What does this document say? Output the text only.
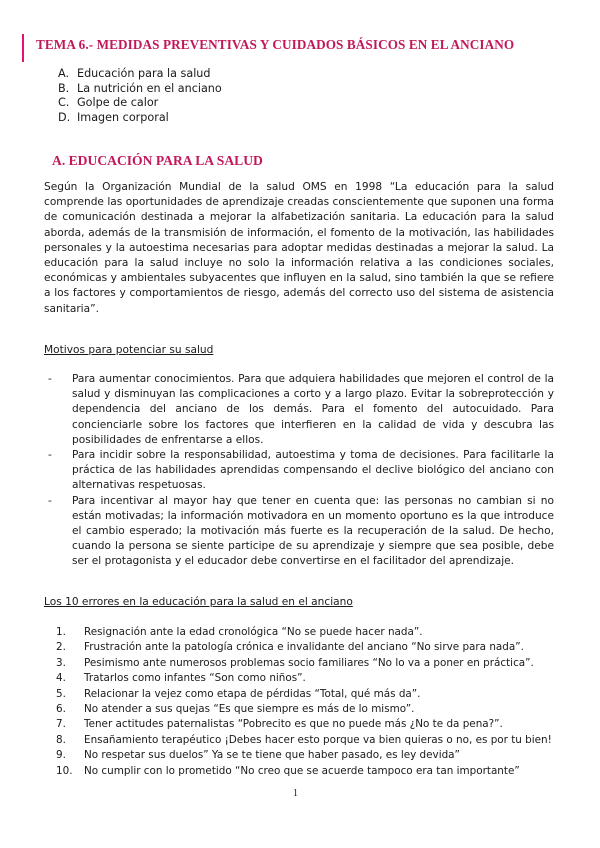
TEMA 6.- MEDIDAS PREVENTIVAS Y CUIDADOS BÁSICOS EN EL ANCIANO
A. Educación para la salud
B. La nutrición en el anciano
C. Golpe de calor
D. Imagen corporal
A. EDUCACIÓN PARA LA SALUD

Según la Organización Mundial de la salud OMS en 1998 “La educación para la salud comprende las oportunidades de aprendizaje creadas conscientemente que suponen una forma de comunicación destinada a mejorar la alfabetización sanitaria. La educación para la salud aborda, además de la transmisión de información, el fomento de la motivación, las habilidades personales y la autoestima necesarias para adoptar medidas destinadas a mejorar la salud. La educación para la salud incluye no solo la información relativa a las condiciones sociales, económicas y ambientales subyacentes que influyen en la salud, sino también la que se refiere a los factores y comportamientos de riesgo, además del correcto uso del sistema de asistencia sanitaria”.

Motivos para potenciar su salud

-	Para aumentar conocimientos. Para que adquiera habilidades que mejoren el control de la salud y disminuyan las complicaciones a corto y a largo plazo. Evitar la sobreprotección y dependencia del anciano de los demás. Para el fomento del autocuidado. Para concienciarle sobre los factores que interfieren en la calidad de vida y descubra las posibilidades de enfrentarse a ellos.
-	Para incidir sobre la responsabilidad, autoestima y toma de decisiones. Para facilitarle la práctica de las habilidades aprendidas compensando el declive biológico del anciano con alternativas respetuosas.
-	Para incentivar al mayor hay que tener en cuenta que: las personas no cambian si no están motivadas; la información motivadora en un momento oportuno es la que introduce el cambio esperado; la motivación más fuerte es la recuperación de la salud. De hecho, cuando la persona se siente participe de su aprendizaje y siempre que sea posible, debe ser el protagonista y el educador debe convertirse en el facilitador del aprendizaje.

Los 10 errores en la educación para la salud en el anciano

1.	Resignación ante la edad cronológica “No se puede hacer nada”.
2.	Frustración ante la patología crónica e invalidante del anciano “No sirve para nada”.
3.	Pesimismo ante numerosos problemas socio familiares “No lo va a poner en práctica”.
4.	Tratarlos como infantes “Son como niños”.
5.	Relacionar la vejez como etapa de pérdidas “Total, qué más da”.
6.	No atender a sus quejas “Es que siempre es más de lo mismo”.
7.	Tener actitudes paternalistas “Pobrecito es que no puede más ¿No te da pena?”.
8.	Ensañamiento terapéutico ¡Debes hacer esto porque va bien quieras o no, es por tu bien!
9.	No respetar sus duelos” Ya se te tiene que haber pasado, es ley devida”
10.	No cumplir con lo prometido “No creo que se acuerde tampoco era tan importante”
1
